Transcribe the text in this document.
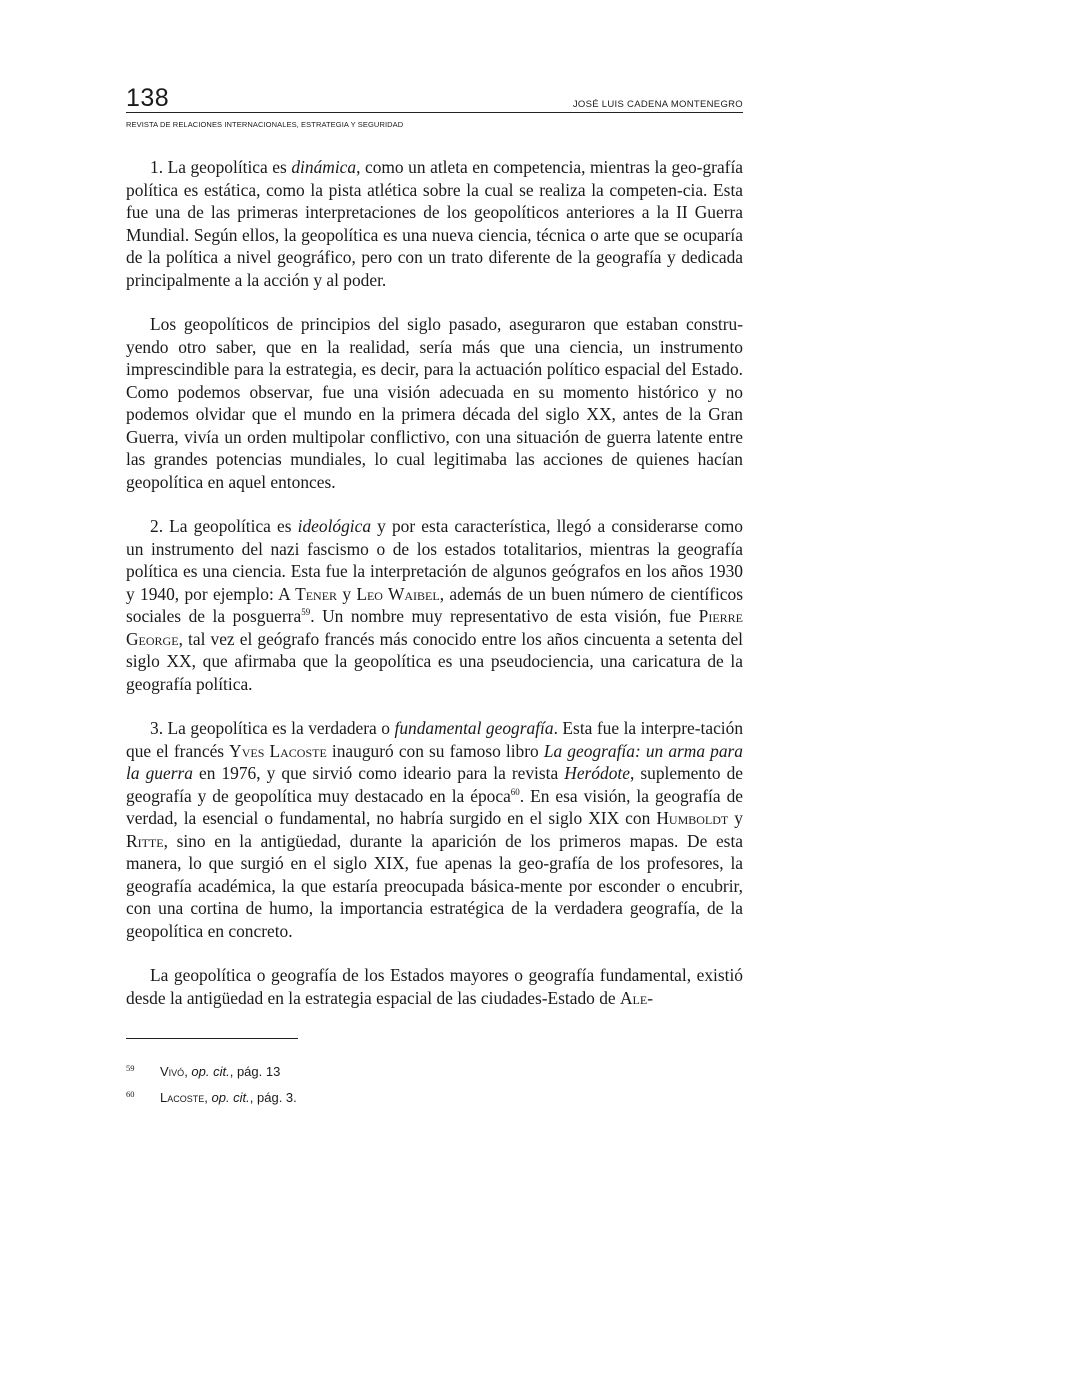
138	JOSÉ LUIS CADENA MONTENEGRO
REVISTA DE RELACIONES INTERNACIONALES, ESTRATEGIA Y SEGURIDAD

1. La geopolítica es dinámica, como un atleta en competencia, mientras la geo-grafía política es estática, como la pista atlética sobre la cual se realiza la competen-cia. Esta fue una de las primeras interpretaciones de los geopolíticos anteriores a la II Guerra Mundial. Según ellos, la geopolítica es una nueva ciencia, técnica o arte que se ocuparía de la política a nivel geográfico, pero con un trato diferente de la geografía y dedicada principalmente a la acción y al poder.

Los geopolíticos de principios del siglo pasado, aseguraron que estaban constru-yendo otro saber, que en la realidad, sería más que una ciencia, un instrumento imprescindible para la estrategia, es decir, para la actuación político espacial del Estado. Como podemos observar, fue una visión adecuada en su momento histórico y no podemos olvidar que el mundo en la primera década del siglo XX, antes de la Gran Guerra, vivía un orden multipolar conflictivo, con una situación de guerra latente entre las grandes potencias mundiales, lo cual legitimaba las acciones de quienes hacían geopolítica en aquel entonces.

2. La geopolítica es ideológica y por esta característica, llegó a considerarse como un instrumento del nazi fascismo o de los estados totalitarios, mientras la geografía política es una ciencia. Esta fue la interpretación de algunos geógrafos en los años 1930 y 1940, por ejemplo: A Tener y Leo Waibel, además de un buen número de científicos sociales de la posguerra$^{59}$. Un nombre muy representativo de esta visión, fue Pierre George, tal vez el geógrafo francés más conocido entre los años cincuenta a setenta del siglo XX, que afirmaba que la geopolítica es una pseudociencia, una caricatura de la geografía política.

3. La geopolítica es la verdadera o fundamental geografía. Esta fue la interpre-tación que el francés Yves Lacoste inauguró con su famoso libro La geografía: un arma para la guerra en 1976, y que sirvió como ideario para la revista Heródote, suplemento de geografía y de geopolítica muy destacado en la época$^{60}$. En esa visión, la geografía de verdad, la esencial o fundamental, no habría surgido en el siglo XIX con Humboldt y Ritte, sino en la antigüedad, durante la aparición de los primeros mapas. De esta manera, lo que surgió en el siglo XIX, fue apenas la geo-grafía de los profesores, la geografía académica, la que estaría preocupada básica-mente por esconder o encubrir, con una cortina de humo, la importancia estratégica de la verdadera geografía, de la geopolítica en concreto.

La geopolítica o geografía de los Estados mayores o geografía fundamental, existió desde la antigüedad en la estrategia espacial de las ciudades-Estado de Ale-

59 Vivó, op. cit., pág. 13
60 Lacoste, op. cit., pág. 3.
